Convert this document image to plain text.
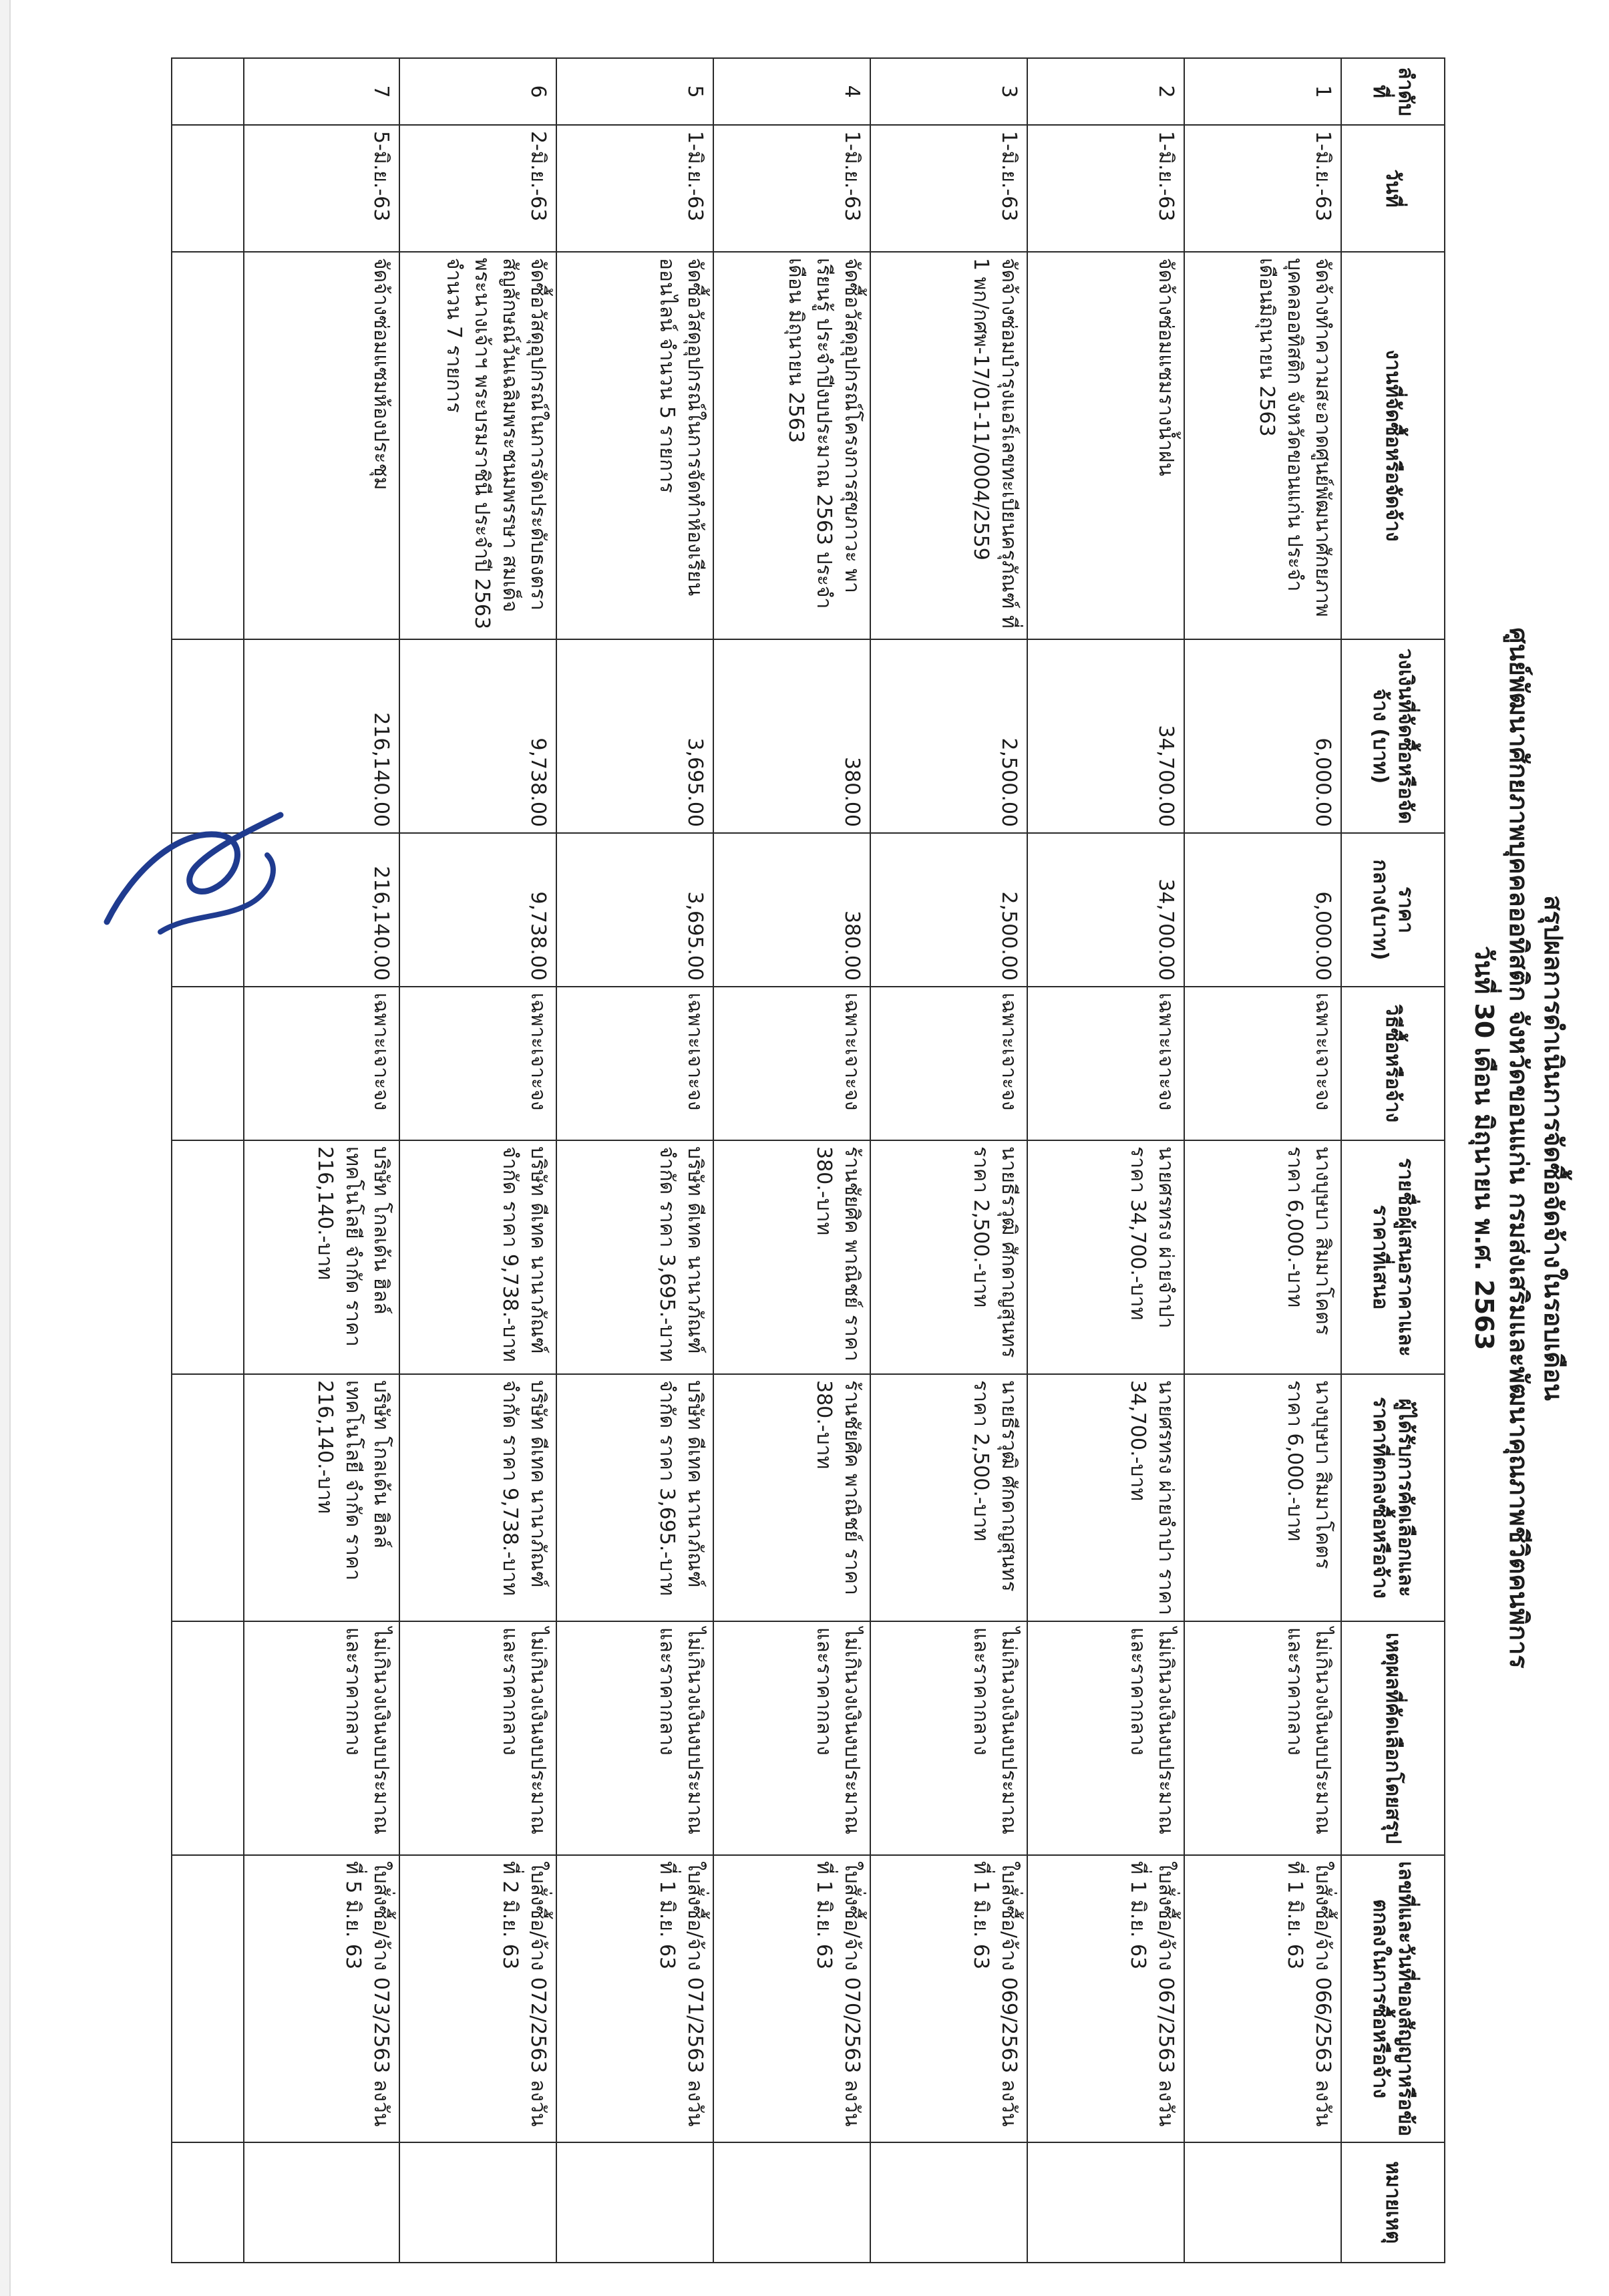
สรุปผลการดำเนินการจัดซื้อจัดจ้างในรอบเดือน
ศูนย์พัฒนาศักยภาพบุคคลออทิสติก จังหวัดขอนแก่น กรมส่งเสริมและพัฒนาคุณภาพชีวิตคนพิการ
วันที่ 30 เดือน มิถุนายน พ.ศ. 2563
ลำดับที่	วันที่	งานที่จัดซื้อหรือจัดจ้าง	วงเงินที่จัดซื้อหรือจัดจ้าง (บาท)	ราคากลาง(บาท)	วิธีซื้อหรือจ้าง	รายชื่อผู้เสนอราคาและราคาที่เสนอ	ผู้ได้รับการคัดเลือกและราคาที่ตกลงซื้อหรือจ้าง	เหตุผลที่คัดเลือกโดยสรุป	เลขที่และวันที่ของสัญญาหรือข้อตกลงในการซื้อหรือจ้าง	หมายเหตุ
1	1-มิ.ย.-63	จัดจ้างทำความสะอาดศูนย์พัฒนาศักยภาพบุคคลออทิสติก จังหวัดขอนแก่น ประจำเดือนมิถุนายน 2563	6,000.00	6,000.00	เฉพาะเจาะจง	นางบุษบา สิมมาโคตร ราคา 6,000.-บาท	นางบุษบา สิมมาโคตร ราคา 6,000.-บาท	ไม่เกินวงเงินงบประมาณ และราคากลาง	ใบสั่งซื้อ/จ้าง 066/2563 ลงวันที่ 1 มิ.ย. 63	
2	1-มิ.ย.-63	จัดจ้างซ่อมแซมรางน้ำฝน	34,700.00	34,700.00	เฉพาะเจาะจง	นายศรทรง ผ่ายจำปา ราคา 34,700.-บาท	นายศรทรง ผ่ายจำปา ราคา 34,700.-บาท	ไม่เกินวงเงินงบประมาณ และราคากลาง	ใบสั่งซื้อ/จ้าง 067/2563 ลงวันที่ 1 มิ.ย. 63	
3	1-มิ.ย.-63	จัดจ้างซ่อมบำรุงแอร์เลขทะเบียนครุภัณฑ์ ที่ 1 พก/กศพ-17/01-11/0004/2559	2,500.00	2,500.00	เฉพาะเจาะจง	นายธีรวุฒิ ศักดาญสุนทร ราคา 2,500.-บาท	นายธีรวุฒิ ศักดาญสุนทร ราคา 2,500.-บาท	ไม่เกินวงเงินงบประมาณ และราคากลาง	ใบสั่งซื้อ/จ้าง 069/2563 ลงวันที่ 1 มิ.ย. 63	
4	1-มิ.ย.-63	จัดซื้อวัสดุอุปกรณ์โครงการสุขภาวะ พาเรียนรู้ ประจำปีงบประมาณ 2563 ประจำเดือน มิถุนายน 2563	380.00	380.00	เฉพาะเจาะจง	ร้านชัยศิค พาณิชย์ ราคา 380.-บาท	ร้านชัยศิค พาณิชย์ ราคา 380.-บาท	ไม่เกินวงเงินงบประมาณ และราคากลาง	ใบสั่งซื้อ/จ้าง 070/2563 ลงวันที่ 1 มิ.ย. 63	
5	1-มิ.ย.-63	จัดซื้อวัสดุอุปกรณ์ในการจัดทำห้องเรียนออนไลน์ จำนวน 5 รายการ	3,695.00	3,695.00	เฉพาะเจาะจง	บริษัท ดีเทค นานาภัณฑ์ จำกัด ราคา 3,695.-บาท	บริษัท ดีเทค นานาภัณฑ์ จำกัด ราคา 3,695.-บาท	ไม่เกินวงเงินงบประมาณ และราคากลาง	ใบสั่งซื้อ/จ้าง 071/2563 ลงวันที่ 1 มิ.ย. 63	
6	2-มิ.ย.-63	จัดซื้อวัสดุอุปกรณ์ในการจัดประดับธงตราสัญลักษณ์วันเฉลิมพระชนมพรรษา สมเด็จพระนางเจ้าฯ พระบรมราชินี ประจำปี 2563 จำนวน 7 รายการ	9,738.00	9,738.00	เฉพาะเจาะจง	บริษัท ดีเทค นานาภัณฑ์ จำกัด ราคา 9,738.-บาท	บริษัท ดีเทค นานาภัณฑ์ จำกัด ราคา 9,738.-บาท	ไม่เกินวงเงินงบประมาณ และราคากลาง	ใบสั่งซื้อ/จ้าง 072/2563 ลงวันที่ 2 มิ.ย. 63	
7	5-มิ.ย.-63	จัดจ้างซ่อมแซมห้องประชุม	216,140.00	216,140.00	เฉพาะเจาะจง	บริษัท โกลเด้น ฮิลล์ เทคโนโลยี จำกัด ราคา 216,140.-บาท	บริษัท โกลเด้น ฮิลล์ เทคโนโลยี จำกัด ราคา 216,140.-บาท	ไม่เกินวงเงินงบประมาณ และราคากลาง	ใบสั่งซื้อ/จ้าง 073/2563 ลงวันที่ 5 มิ.ย. 63	
